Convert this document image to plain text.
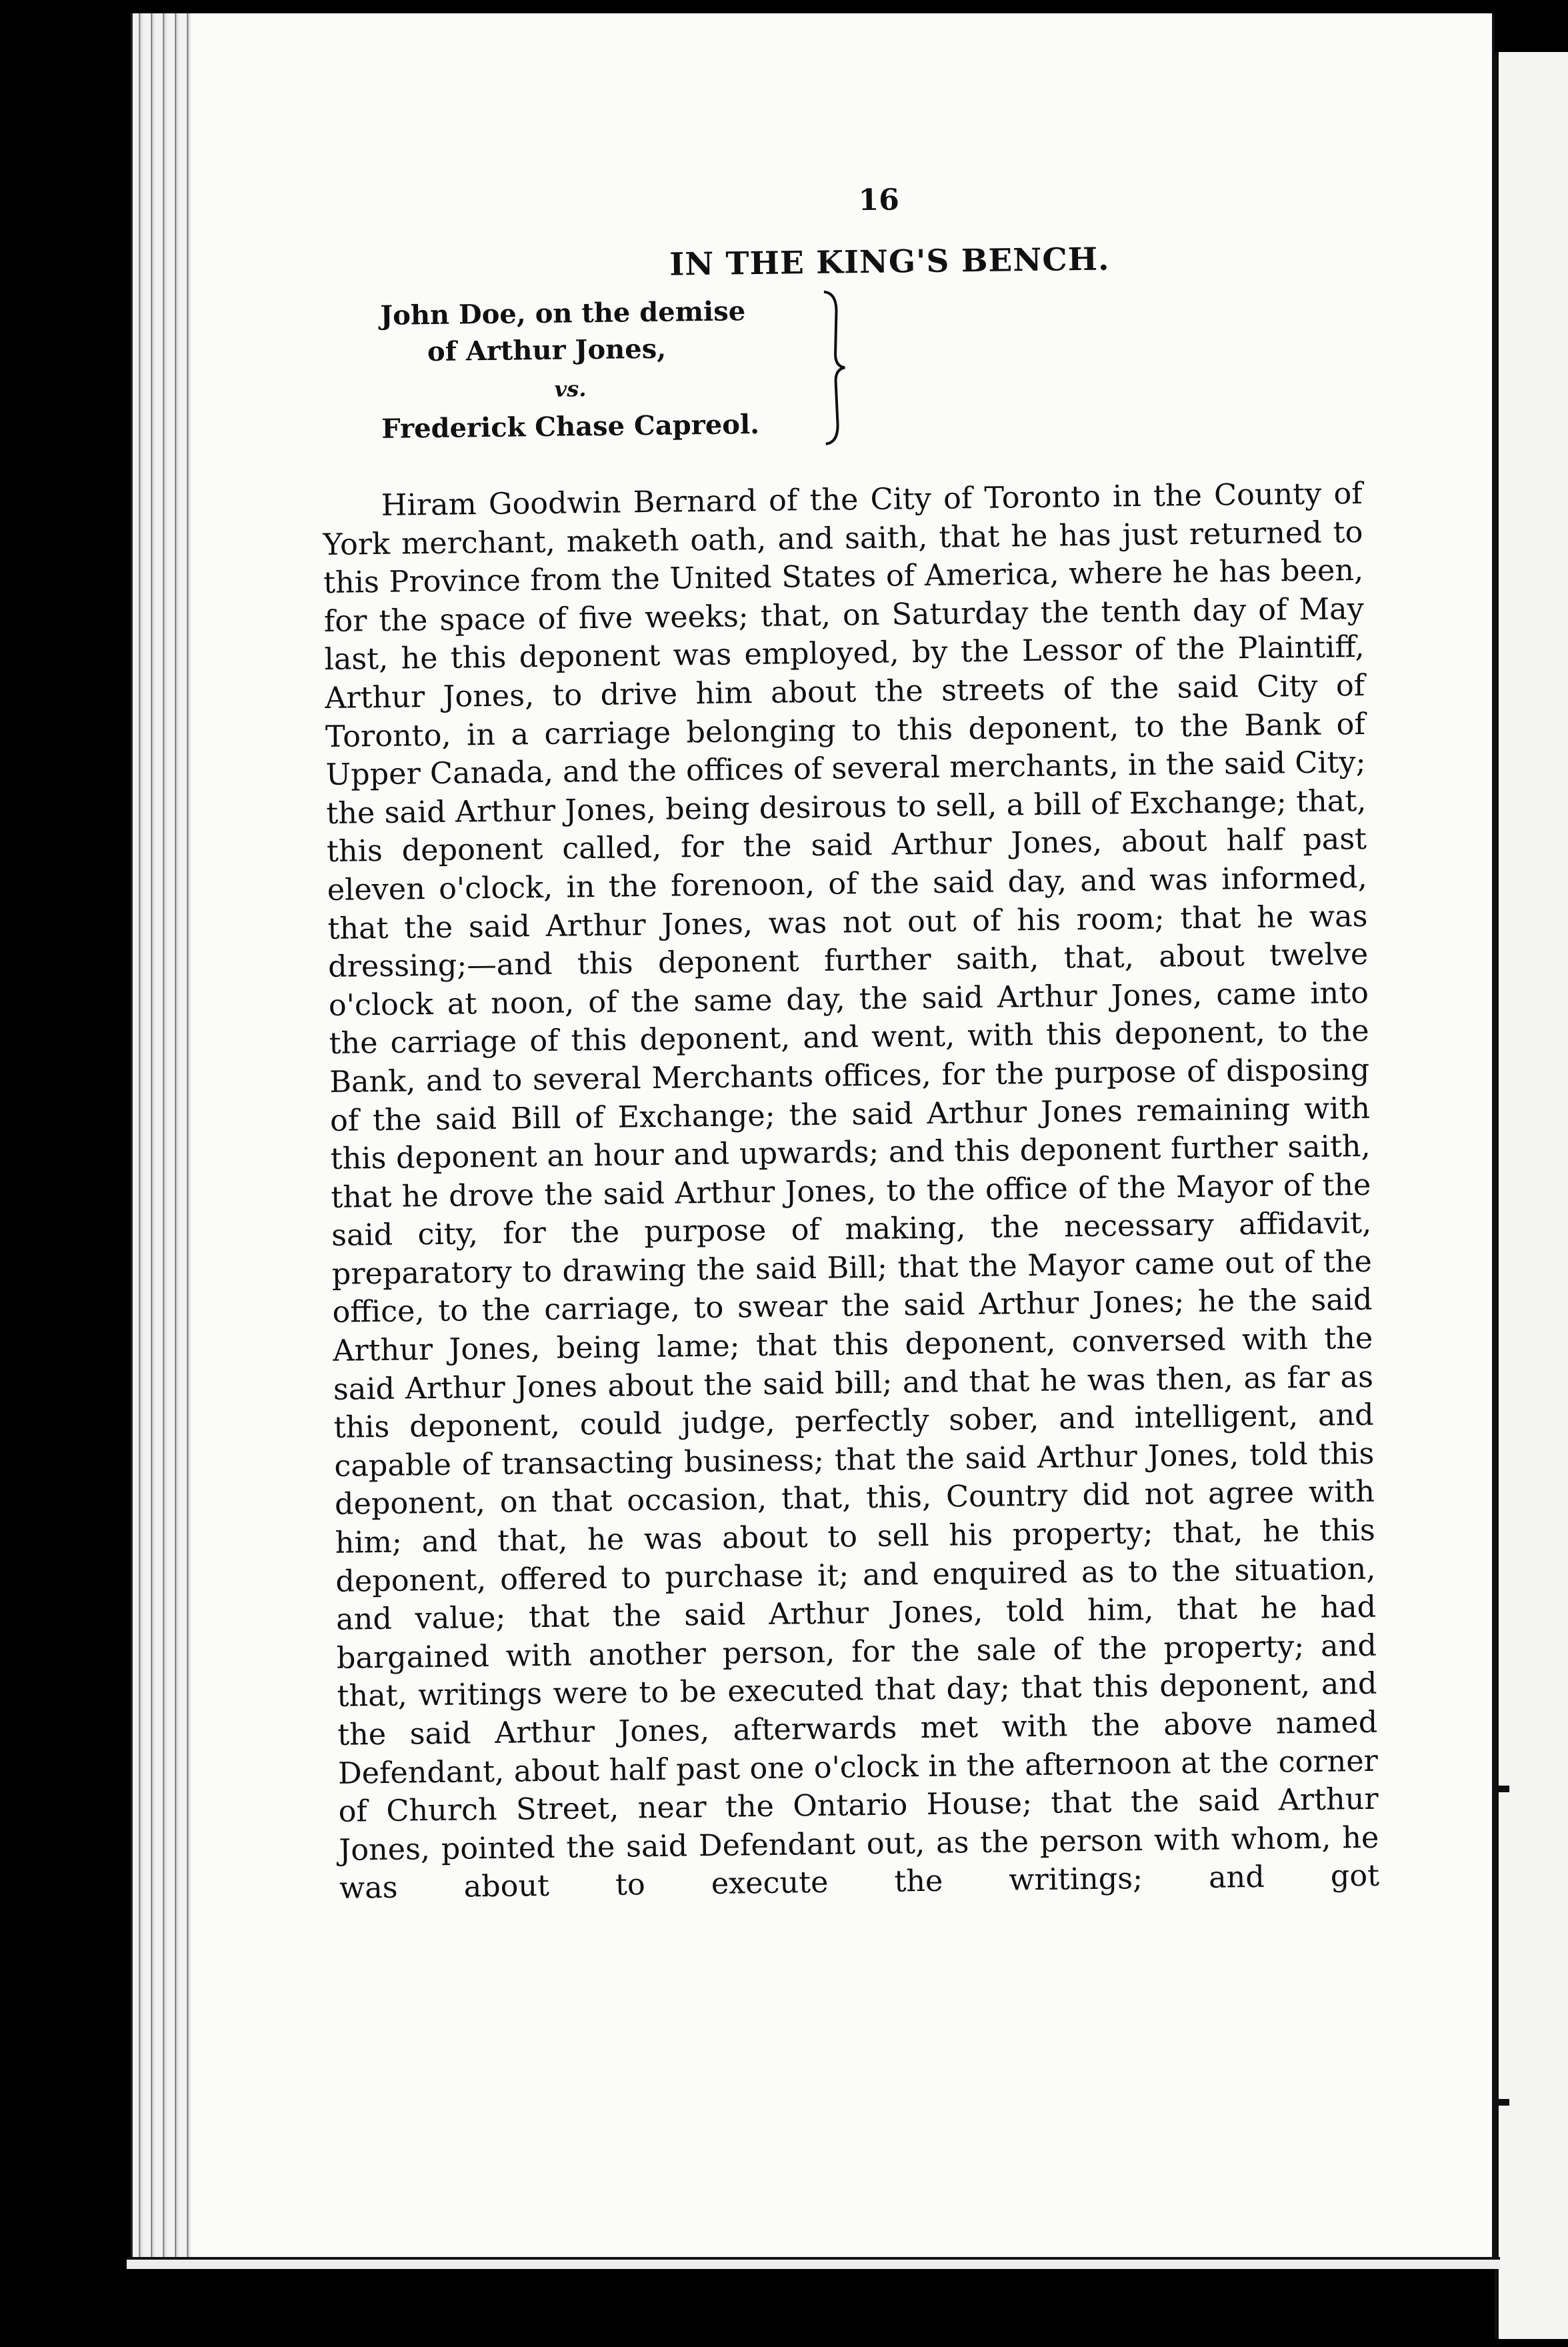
16
IN THE KING'S BENCH.
John Doe, on the demise
of Arthur Jones,
vs.
Frederick Chase Capreol.

Hiram Goodwin Bernard of the City of Toronto in the County of York merchant, maketh oath, and saith, that he has just returned to this Province from the United States of America, where he has been, for the space of five weeks; that, on Saturday the tenth day of May last, he this deponent was employed, by the Lessor of the Plaintiff, Arthur Jones, to drive him about the streets of the said City of Toronto, in a carriage belonging to this deponent, to the Bank of Upper Canada, and the offices of several merchants, in the said City; the said Arthur Jones, being desirous to sell, a bill of Exchange; that, this deponent called, for the said Arthur Jones, about half past eleven o'clock, in the forenoon, of the said day, and was informed, that the said Arthur Jones, was not out of his room; that he was dressing;—and this deponent further saith, that, about twelve o'clock at noon, of the same day, the said Arthur Jones, came into the carriage of this deponent, and went, with this deponent, to the Bank, and to several Merchants offices, for the purpose of disposing of the said Bill of Exchange; the said Arthur Jones remaining with this deponent an hour and upwards; and this deponent further saith, that he drove the said Arthur Jones, to the office of the Mayor of the said city, for the purpose of making, the necessary affidavit, preparatory to drawing the said Bill; that the Mayor came out of the office, to the carriage, to swear the said Arthur Jones; he the said Arthur Jones, being lame; that this deponent, conversed with the said Arthur Jones about the said bill; and that he was then, as far as this deponent, could judge, perfectly sober, and intelligent, and capable of transacting business; that the said Arthur Jones, told this deponent, on that occasion, that, this, Country did not agree with him; and that, he was about to sell his property; that, he this deponent, offered to purchase it; and enquired as to the situation, and value; that the said Arthur Jones, told him, that he had bargained with another person, for the sale of the property; and that, writings were to be executed that day; that this deponent, and the said Arthur Jones, afterwards met with the above named Defendant, about half past one o'clock in the afternoon at the corner of Church Street, near the Ontario House; that the said Arthur Jones, pointed the said Defendant out, as the person with whom, he was about to execute the writings; and got
